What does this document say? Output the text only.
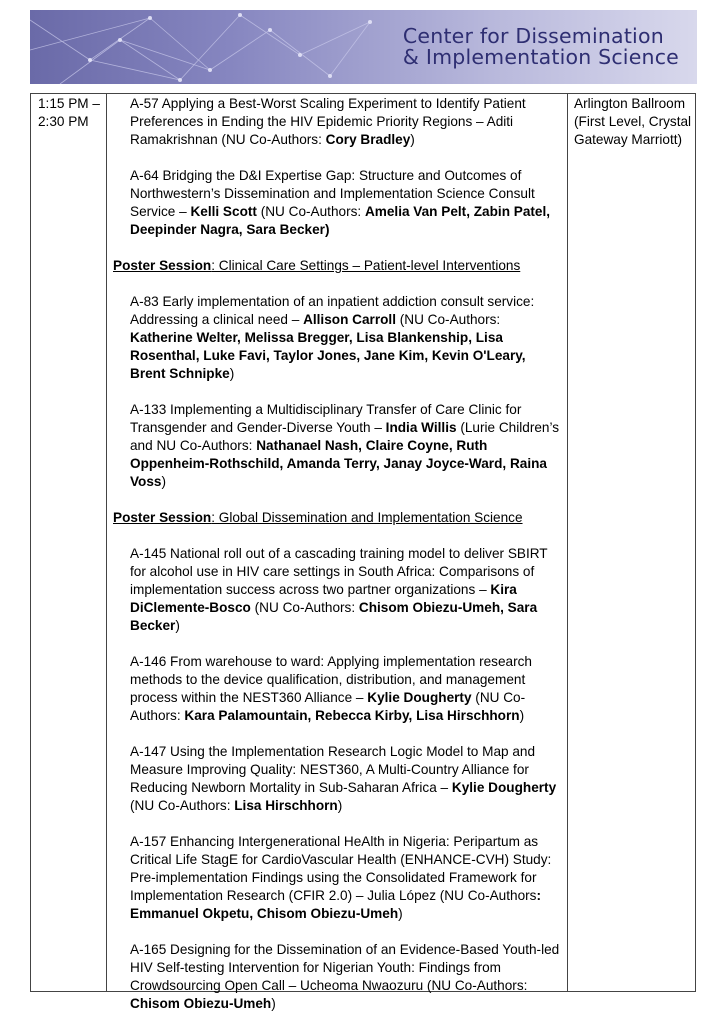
Center for Dissemination
& Implementation Science
1:15 PM – 2:30 PM
A-57 Applying a Best-Worst Scaling Experiment to Identify Patient Preferences in Ending the HIV Epidemic Priority Regions – Aditi Ramakrishnan (NU Co-Authors: Cory Bradley)
A-64 Bridging the D&I Expertise Gap: Structure and Outcomes of Northwestern’s Dissemination and Implementation Science Consult Service – Kelli Scott (NU Co-Authors: Amelia Van Pelt, Zabin Patel, Deepinder Nagra, Sara Becker)
Poster Session: Clinical Care Settings – Patient-level Interventions
A-83 Early implementation of an inpatient addiction consult service: Addressing a clinical need – Allison Carroll (NU Co-Authors: Katherine Welter, Melissa Bregger, Lisa Blankenship, Lisa Rosenthal, Luke Favi, Taylor Jones, Jane Kim, Kevin O'Leary, Brent Schnipke)
A-133 Implementing a Multidisciplinary Transfer of Care Clinic for Transgender and Gender-Diverse Youth – India Willis (Lurie Children’s and NU Co-Authors: Nathanael Nash, Claire Coyne, Ruth Oppenheim-Rothschild, Amanda Terry, Janay Joyce-Ward, Raina Voss)
Poster Session: Global Dissemination and Implementation Science
A-145 National roll out of a cascading training model to deliver SBIRT for alcohol use in HIV care settings in South Africa: Comparisons of implementation success across two partner organizations – Kira DiClemente-Bosco (NU Co-Authors: Chisom Obiezu-Umeh, Sara Becker)
A-146 From warehouse to ward: Applying implementation research methods to the device qualification, distribution, and management process within the NEST360 Alliance – Kylie Dougherty (NU Co-Authors: Kara Palamountain, Rebecca Kirby, Lisa Hirschhorn)
A-147 Using the Implementation Research Logic Model to Map and Measure Improving Quality: NEST360, A Multi-Country Alliance for Reducing Newborn Mortality in Sub-Saharan Africa – Kylie Dougherty (NU Co-Authors: Lisa Hirschhorn)
A-157 Enhancing Intergenerational HeAlth in Nigeria: Peripartum as Critical Life StagE for CardioVascular Health (ENHANCE-CVH) Study: Pre-implementation Findings using the Consolidated Framework for Implementation Research (CFIR 2.0) – Julia López (NU Co-Authors: Emmanuel Okpetu, Chisom Obiezu-Umeh)
A-165 Designing for the Dissemination of an Evidence-Based Youth-led HIV Self-testing Intervention for Nigerian Youth: Findings from Crowdsourcing Open Call – Ucheoma Nwaozuru (NU Co-Authors: Chisom Obiezu-Umeh)
Arlington Ballroom (First Level, Crystal Gateway Marriott)
